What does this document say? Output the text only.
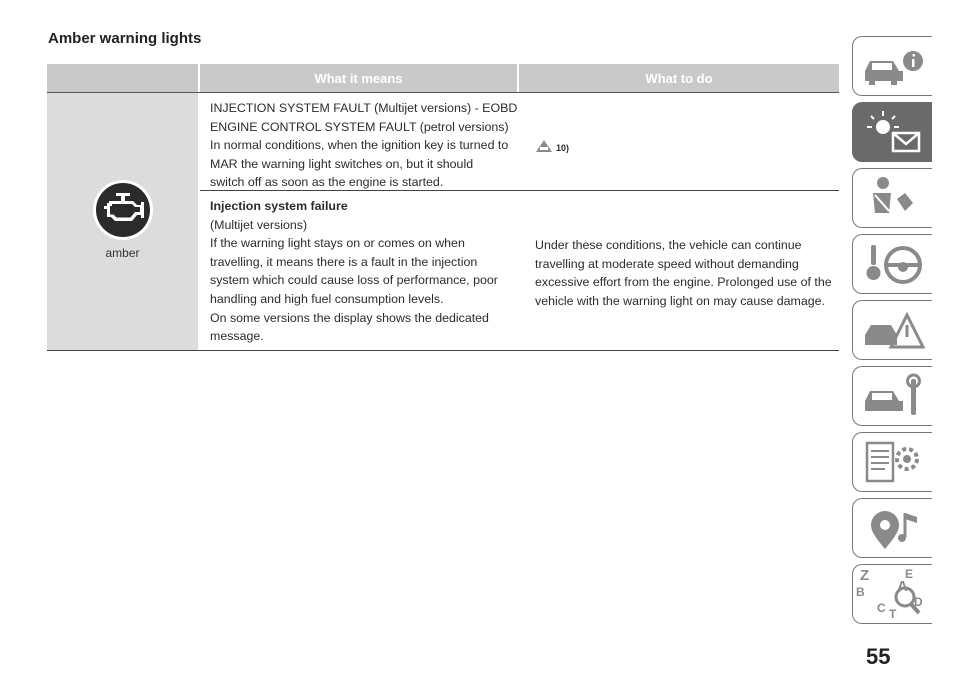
Amber warning lights
What it means	What to do
amber
INJECTION SYSTEM FAULT (Multijet versions) - EOBD
ENGINE CONTROL SYSTEM FAULT (petrol versions)
In normal conditions, when the ignition key is turned to
MAR the warning light switches on, but it should
switch off as soon as the engine is started.
10)
Injection system failure
(Multijet versions)
If the warning light stays on or comes on when
travelling, it means there is a fault in the injection
system which could cause loss of performance, poor
handling and high fuel consumption levels.
On some versions the display shows the dedicated
message.
Under these conditions, the vehicle can continue
travelling at moderate speed without demanding
excessive effort from the engine. Prolonged use of the
vehicle with the warning light on may cause damage.
Z	E
A
B
C D
T
55
